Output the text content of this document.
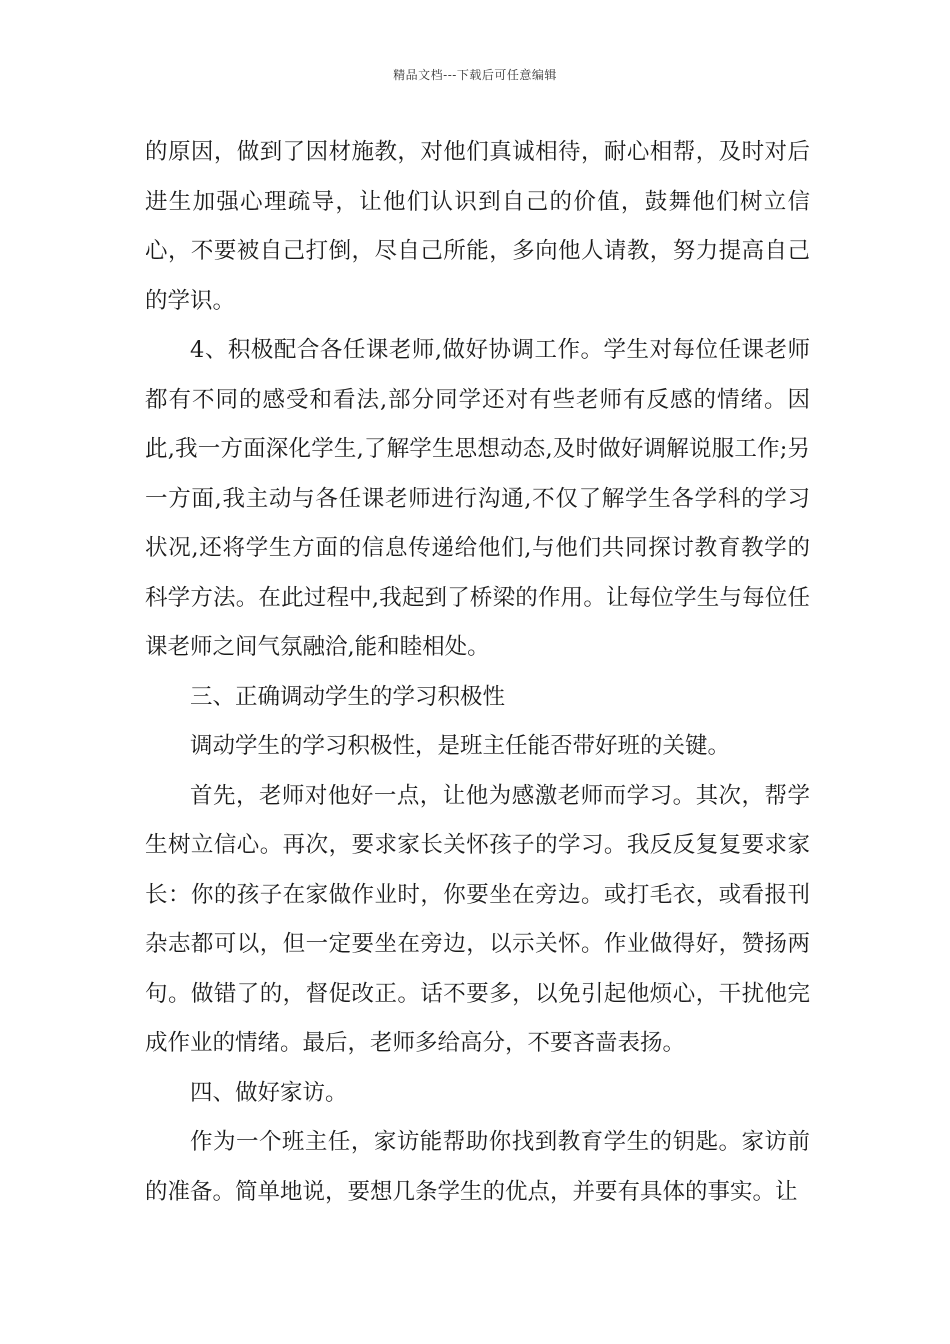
精品文档---下载后可任意编辑

的原因，做到了因材施教，对他们真诚相待，耐心相帮，及时对后进生加强心理疏导，让他们认识到自己的价值，鼓舞他们树立信心，不要被自己打倒，尽自己所能，多向他人请教，努力提高自己的学识。

4、积极配合各任课老师,做好协调工作。学生对每位任课老师都有不同的感受和看法,部分同学还对有些老师有反感的情绪。因此,我一方面深化学生,了解学生思想动态,及时做好调解说服工作;另一方面,我主动与各任课老师进行沟通,不仅了解学生各学科的学习状况,还将学生方面的信息传递给他们,与他们共同探讨教育教学的科学方法。在此过程中,我起到了桥梁的作用。让每位学生与每位任课老师之间气氛融洽,能和睦相处。

三、正确调动学生的学习积极性

调动学生的学习积极性，是班主任能否带好班的关键。

首先，老师对他好一点，让他为感激老师而学习。其次，帮学生树立信心。再次，要求家长关怀孩子的学习。我反反复复要求家长：你的孩子在家做作业时，你要坐在旁边。或打毛衣，或看报刊杂志都可以，但一定要坐在旁边，以示关怀。作业做得好，赞扬两句。做错了的，督促改正。话不要多，以免引起他烦心，干扰他完成作业的情绪。最后，老师多给高分，不要吝啬表扬。

四、做好家访。

作为一个班主任，家访能帮助你找到教育学生的钥匙。家访前的准备。简单地说，要想几条学生的优点，并要有具体的事实。让
